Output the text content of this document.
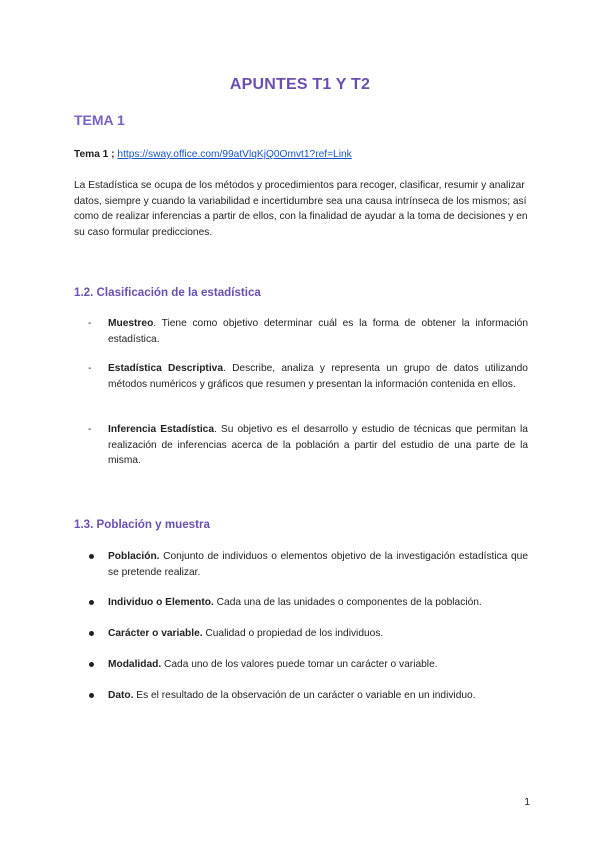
APUNTES T1 Y T2
TEMA 1

Tema 1 ; https://sway.office.com/99atVlqKjQ0Omvt1?ref=Link

La Estadística se ocupa de los métodos y procedimientos para recoger, clasificar, resumir y analizar datos, siempre y cuando la variabilidad e incertidumbre sea una causa intrínseca de los mismos; así como de realizar inferencias a partir de ellos, con la finalidad de ayudar a la toma de decisiones y en su caso formular predicciones.

1.2. Clasificación de la estadística
- Muestreo. Tiene como objetivo determinar cuál es la forma de obtener la información estadística.

- Estadística Descriptiva. Describe, analiza y representa un grupo de datos utilizando métodos numéricos y gráficos que resumen y presentan la información contenida en ellos.

- Inferencia Estadística. Su objetivo es el desarrollo y estudio de técnicas que permitan la realización de inferencias acerca de la población a partir del estudio de una parte de la misma.

1.3. Población y muestra

Población. Conjunto de individuos o elementos objetivo de la investigación estadística que se pretende realizar.

Individuo o Elemento. Cada una de las unidades o componentes de la población.

Carácter o variable. Cualidad o propiedad de los individuos.

Modalidad. Cada uno de los valores puede tomar un carácter o variable.

Dato. Es el resultado de la observación de un carácter o variable en un individuo.

1
